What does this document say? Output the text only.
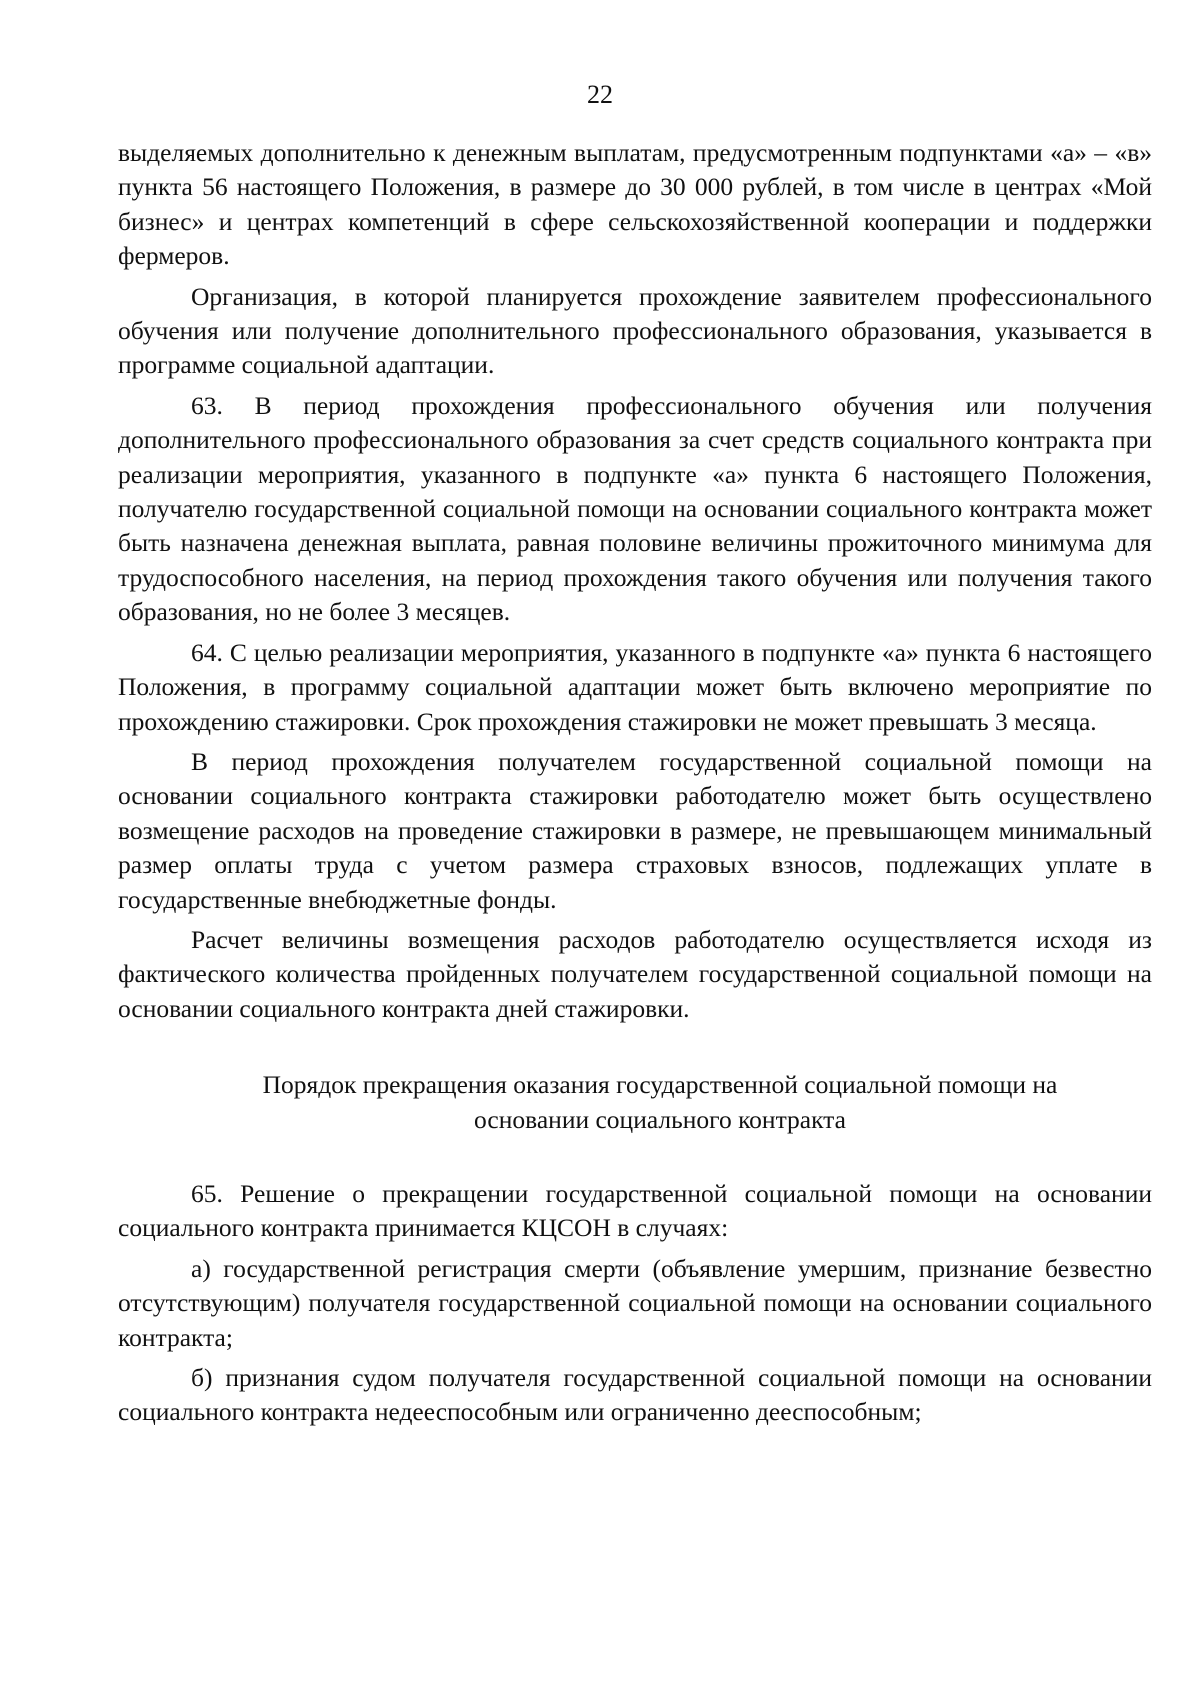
22

выделяемых дополнительно к денежным выплатам, предусмотренным подпунктами «а» – «в» пункта 56 настоящего Положения, в размере до 30 000 рублей, в том числе в центрах «Мой бизнес» и центрах компетенций в сфере сельскохозяйственной кооперации и поддержки фермеров.

Организация, в которой планируется прохождение заявителем профессионального обучения или получение дополнительного профессионального образования, указывается в программе социальной адаптации.

63. В период прохождения профессионального обучения или получения дополнительного профессионального образования за счет средств социального контракта при реализации мероприятия, указанного в подпункте «а» пункта 6 настоящего Положения, получателю государственной социальной помощи на основании социального контракта может быть назначена денежная выплата, равная половине величины прожиточного минимума для трудоспособного населения, на период прохождения такого обучения или получения такого образования, но не более 3 месяцев.

64. С целью реализации мероприятия, указанного в подпункте «а» пункта 6 настоящего Положения, в программу социальной адаптации может быть включено мероприятие по прохождению стажировки. Срок прохождения стажировки не может превышать 3 месяца.

В период прохождения получателем государственной социальной помощи на основании социального контракта стажировки работодателю может быть осуществлено возмещение расходов на проведение стажировки в размере, не превышающем минимальный размер оплаты труда с учетом размера страховых взносов, подлежащих уплате в государственные внебюджетные фонды.

Расчет величины возмещения расходов работодателю осуществляется исходя из фактического количества пройденных получателем государственной социальной помощи на основании социального контракта дней стажировки.

Порядок прекращения оказания государственной социальной помощи на

основании социального контракта

65. Решение о прекращении государственной социальной помощи на основании социального контракта принимается КЦСОН в случаях:

а) государственной регистрация смерти (объявление умершим, признание безвестно отсутствующим) получателя государственной социальной помощи на основании социального контракта;

б) признания судом получателя государственной социальной помощи на основании социального контракта недееспособным или ограниченно дееспособным;
